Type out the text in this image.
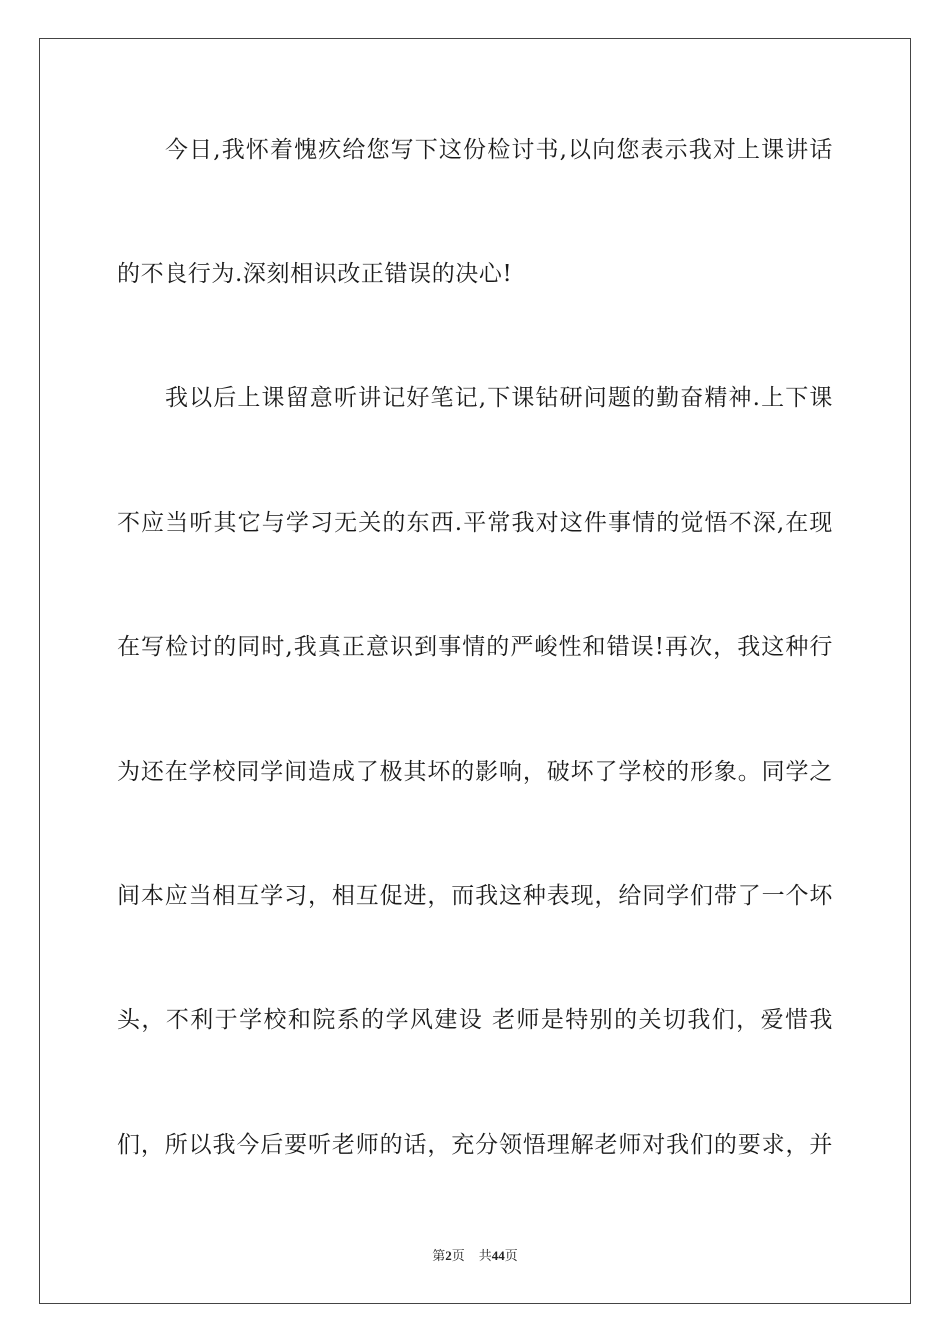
今日,我怀着愧疚给您写下这份检讨书,以向您表示我对上课讲话
的不良行为.深刻相识改正错误的决心!
我以后上课留意听讲记好笔记,下课钻研问题的勤奋精神.上下课
不应当听其它与学习无关的东西.平常我对这件事情的觉悟不深,在现
在写检讨的同时,我真正意识到事情的严峻性和错误!再次，我这种行
为还在学校同学间造成了极其坏的影响，破坏了学校的形象。同学之
间本应当相互学习，相互促进，而我这种表现，给同学们带了一个坏
头，不利于学校和院系的学风建设 老师是特别的关切我们，爱惜我
们，所以我今后要听老师的话，充分领悟理解老师对我们的要求，并
第2页 共44页
